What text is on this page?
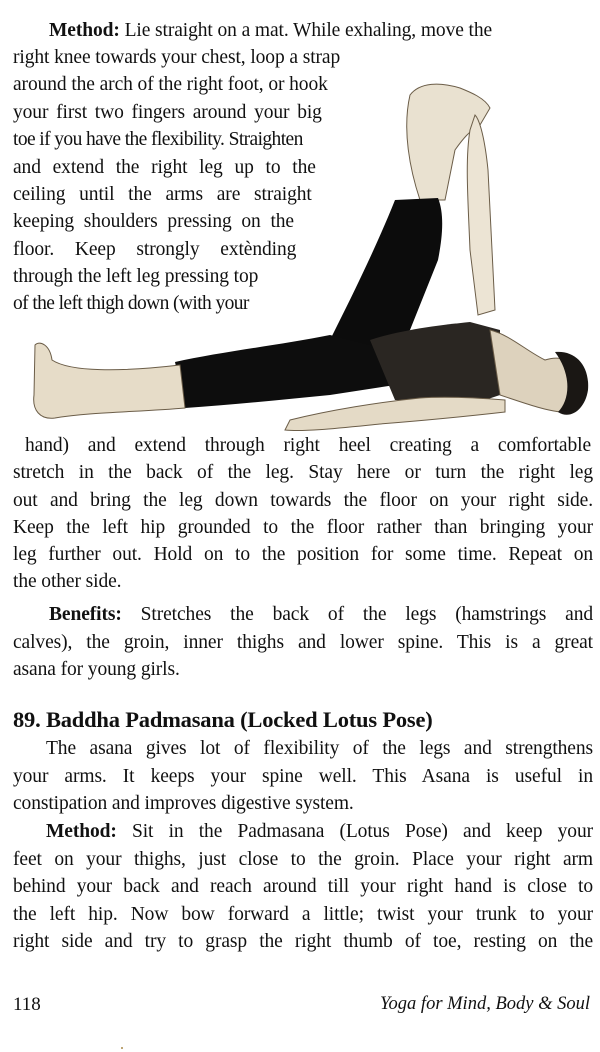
Method: Lie straight on a mat. While exhaling, move the
right knee towards your chest, loop a strap
around the arch of the right foot, or hook
your first two fingers around your big
toe if you have the flexibility. Straighten
and extend the right leg up to the
ceiling until the arms are straight
keeping shoulders pressing on the
floor. Keep strongly extènding
through the left leg pressing top
of the left thigh down (with your
hand) and extend through right heel creating a comfortable
stretch in the back of the leg. Stay here or turn the right leg
out and bring the leg down towards the floor on your right side.
Keep the left hip grounded to the floor rather than bringing your
leg further out. Hold on to the position for some time. Repeat on
the other side.
Benefits: Stretches the back of the legs (hamstrings and
calves), the groin, inner thighs and lower spine. This is a great
asana for young girls.
89. Baddha Padmasana (Locked Lotus Pose)
The asana gives lot of flexibility of the legs and strengthens
your arms. It keeps your spine well. This Asana is useful in
constipation and improves digestive system.
Method: Sit in the Padmasana (Lotus Pose) and keep your
feet on your thighs, just close to the groin. Place your right arm
behind your back and reach around till your right hand is close to
the left hip. Now bow forward a little; twist your trunk to your
right side and try to grasp the right thumb of toe, resting on the
118	Yoga for Mind, Body & Soul
